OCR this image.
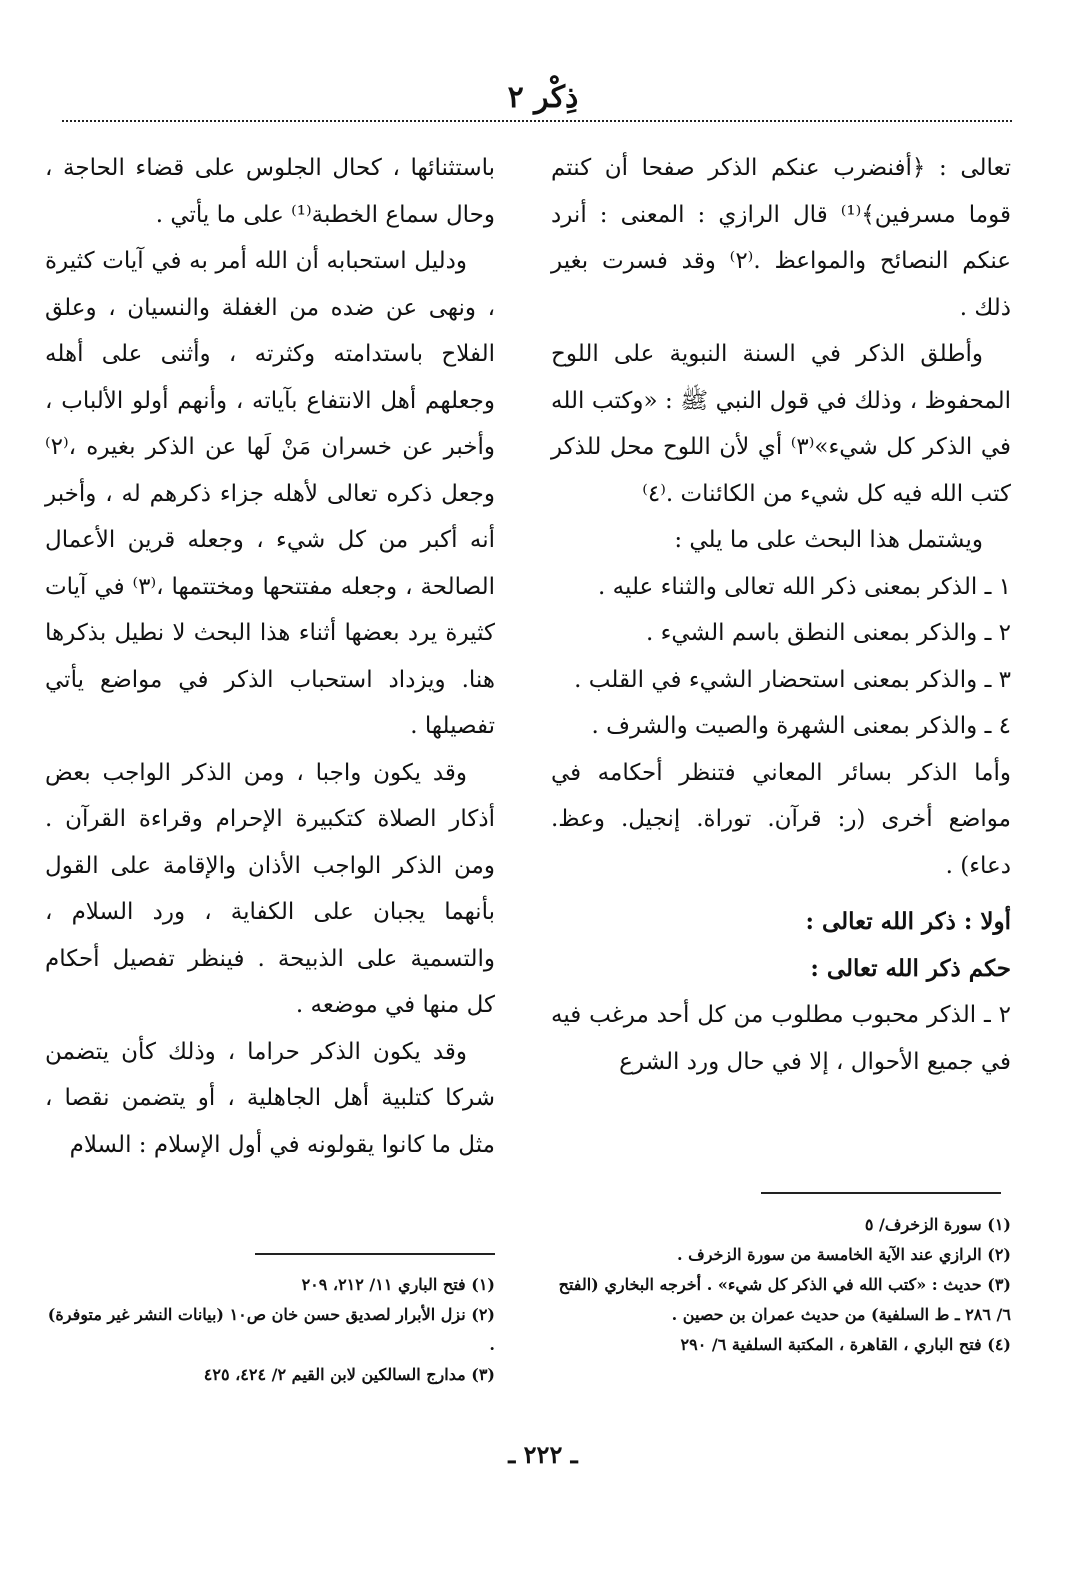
ذِكْر ٢

تعالى : ﴿أفنضرب عنكم الذكر صفحا أن كنتم قوما مسرفين﴾⁽¹⁾ قال الرازي : المعنى : أنرد عنكم النصائح والمواعظ .⁽٢⁾ وقد فسرت بغير ذلك .

وأطلق الذكر في السنة النبوية على اللوح المحفوظ ، وذلك في قول النبي ﷺ : «وكتب الله في الذكر كل شيء»⁽٣⁾ أي لأن اللوح محل للذكر كتب الله فيه كل شيء من الكائنات .⁽٤⁾

ويشتمل هذا البحث على ما يلي :

١ ـ الذكر بمعنى ذكر الله تعالى والثناء عليه .

٢ ـ والذكر بمعنى النطق باسم الشيء .

٣ ـ والذكر بمعنى استحضار الشيء في القلب .

٤ ـ والذكر بمعنى الشهرة والصيت والشرف .

وأما الذكر بسائر المعاني فتنظر أحكامه في مواضع أخرى (ر: قرآن. توراة. إنجيل. وعظ. دعاء) .

أولا : ذكر الله تعالى :

حكم ذكر الله تعالى :

٢ ـ الذكر محبوب مطلوب من كل أحد مرغب فيه في جميع الأحوال ، إلا في حال ورد الشرع

باستثنائها ، كحال الجلوس على قضاء الحاجة ، وحال سماع الخطبة⁽¹⁾ على ما يأتي .

ودليل استحبابه أن الله أمر به في آيات كثيرة ، ونهى عن ضده من الغفلة والنسيان ، وعلق الفلاح باستدامته وكثرته ، وأثنى على أهله وجعلهم أهل الانتفاع بآياته ، وأنهم أولو الألباب ، وأخبر عن خسران مَنْ لَها عن الذكر بغيره ،⁽٢⁾ وجعل ذكره تعالى لأهله جزاء ذكرهم له ، وأخبر أنه أكبر من كل شيء ، وجعله قرين الأعمال الصالحة ، وجعله مفتتحها ومختتمها ،⁽٣⁾ في آيات كثيرة يرد بعضها أثناء هذا البحث لا نطيل بذكرها هنا. ويزداد استحباب الذكر في مواضع يأتي تفصيلها .

وقد يكون واجبا ، ومن الذكر الواجب بعض أذكار الصلاة كتكبيرة الإحرام وقراءة القرآن . ومن الذكر الواجب الأذان والإقامة على القول بأنهما يجبان على الكفاية ، ورد السلام ، والتسمية على الذبيحة . فينظر تفصيل أحكام كل منها في موضعه .

وقد يكون الذكر حراما ، وذلك كأن يتضمن شركا كتلبية أهل الجاهلية ، أو يتضمن نقصا ، مثل ما كانوا يقولونه في أول الإسلام : السلام

(١) سورة الزخرف/ ٥
(٢) الرازي عند الآية الخامسة من سورة الزخرف .
(٣) حديث : «كتب الله في الذكر كل شيء» . أخرجه البخاري (الفتح ٦/ ٢٨٦ ـ ط السلفية) من حديث عمران بن حصين .
(٤) فتح الباري ، القاهرة ، المكتبة السلفية ٦/ ٢٩٠
(١) فتح الباري ١١/ ٢١٢، ٢٠٩
(٢) نزل الأبرار لصديق حسن خان ص١٠ (بيانات النشر غير متوفرة) .
(٣) مدارج السالكين لابن القيم ٢/ ٤٢٤، ٤٢٥
ـ ٢٢٢ ـ
